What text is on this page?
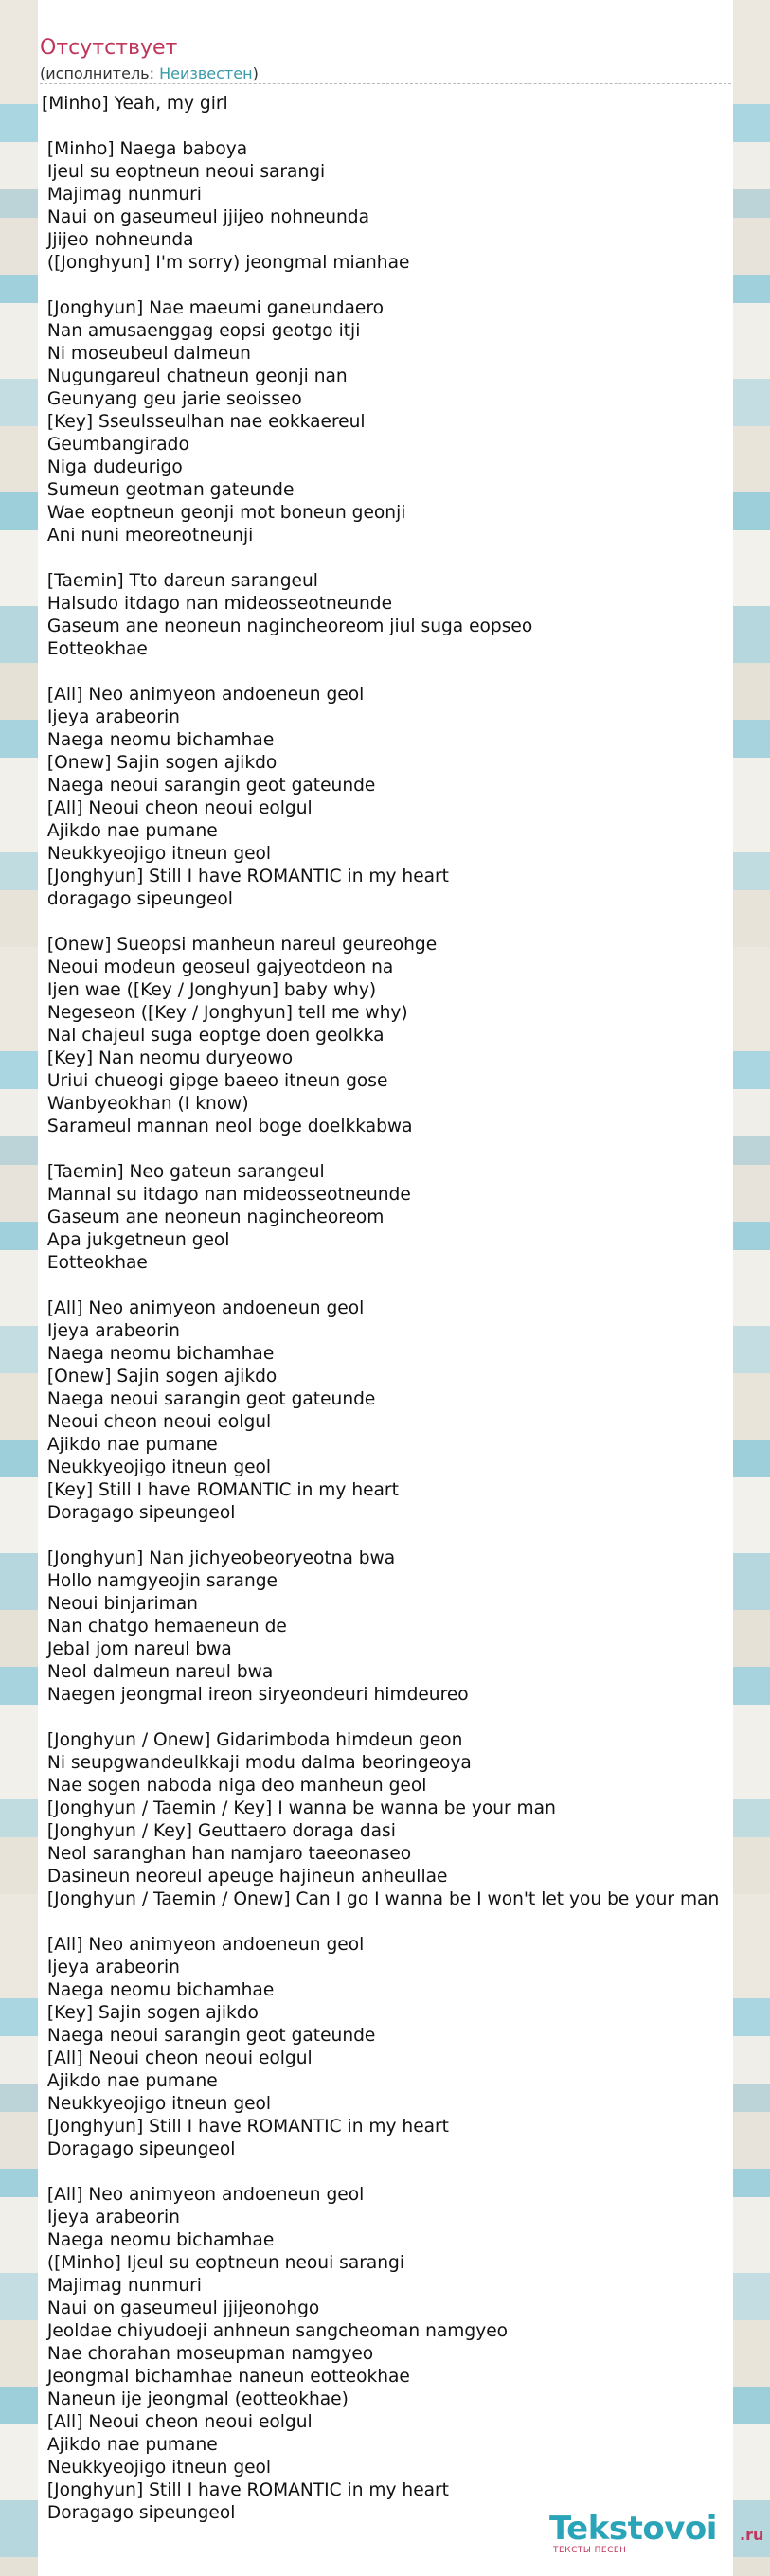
Отсутствует
(исполнитель: Неизвестен)
[Minho] Yeah, my girl
[Minho] Naega baboya
Ijeul su eoptneun neoui sarangi
Majimag nunmuri
Naui on gaseumeul jjijeo nohneunda
Jjijeo nohneunda
([Jonghyun] I'm sorry) jeongmal mianhae
[Jonghyun] Nae maeumi ganeundaero
Nan amusaenggag eopsi geotgo itji
Ni moseubeul dalmeun
Nugungareul chatneun geonji nan
Geunyang geu jarie seoisseo
[Key] Sseulsseulhan nae eokkaereul
Geumbangirado
Niga dudeurigo
Sumeun geotman gateunde
Wae eoptneun geonji mot boneun geonji
Ani nuni meoreotneunji
[Taemin] Tto dareun sarangeul
Halsudo itdago nan mideosseotneunde
Gaseum ane neoneun nagincheoreom jiul suga eopseo
Eotteokhae
[All] Neo animyeon andoeneun geol
Ijeya arabeorin
Naega neomu bichamhae
[Onew] Sajin sogen ajikdo
Naega neoui sarangin geot gateunde
[All] Neoui cheon neoui eolgul
Ajikdo nae pumane
Neukkyeojigo itneun geol
[Jonghyun] Still I have ROMANTIC in my heart
doragago sipeungeol
[Onew] Sueopsi manheun nareul geureohge
Neoui modeun geoseul gajyeotdeon na
Ijen wae ([Key / Jonghyun] baby why)
Negeseon ([Key / Jonghyun] tell me why)
Nal chajeul suga eoptge doen geolkka
[Key] Nan neomu duryeowo
Uriui chueogi gipge baeeo itneun gose
Wanbyeokhan (I know)
Sarameul mannan neol boge doelkkabwa
[Taemin] Neo gateun sarangeul
Mannal su itdago nan mideosseotneunde
Gaseum ane neoneun nagincheoreom
Apa jukgetneun geol
Eotteokhae
[All] Neo animyeon andoeneun geol
Ijeya arabeorin
Naega neomu bichamhae
[Onew] Sajin sogen ajikdo
Naega neoui sarangin geot gateunde
Neoui cheon neoui eolgul
Ajikdo nae pumane
Neukkyeojigo itneun geol
[Key] Still I have ROMANTIC in my heart
Doragago sipeungeol
[Jonghyun] Nan jichyeobeoryeotna bwa
Hollo namgyeojin sarange
Neoui binjariman
Nan chatgo hemaeneun de
Jebal jom nareul bwa
Neol dalmeun nareul bwa
Naegen jeongmal ireon siryeondeuri himdeureo
[Jonghyun / Onew] Gidarimboda himdeun geon
Ni seupgwandeulkkaji modu dalma beoringeoya
Nae sogen naboda niga deo manheun geol
[Jonghyun / Taemin / Key] I wanna be wanna be your man
[Jonghyun / Key] Geuttaero doraga dasi
Neol saranghan han namjaro taeeonaseo
Dasineun neoreul apeuge hajineun anheullae
[Jonghyun / Taemin / Onew] Can I go I wanna be I won't let you be your man
[All] Neo animyeon andoeneun geol
Ijeya arabeorin
Naega neomu bichamhae
[Key] Sajin sogen ajikdo
Naega neoui sarangin geot gateunde
[All] Neoui cheon neoui eolgul
Ajikdo nae pumane
Neukkyeojigo itneun geol
[Jonghyun] Still I have ROMANTIC in my heart
Doragago sipeungeol
[All] Neo animyeon andoeneun geol
Ijeya arabeorin
Naega neomu bichamhae
([Minho] Ijeul su eoptneun neoui sarangi
Majimag nunmuri
Naui on gaseumeul jjijeonohgo
Jeoldae chiyudoeji anhneun sangcheoman namgyeo
Nae chorahan moseupman namgyeo
Jeongmal bichamhae naneun eotteokhae
Naneun ije jeongmal (eotteokhae)
[All] Neoui cheon neoui eolgul
Ajikdo nae pumane
Neukkyeojigo itneun geol
[Jonghyun] Still I have ROMANTIC in my heart
Doragago sipeungeol	Tekstovoi .ru
ТЕКСТЫ ПЕСЕН
